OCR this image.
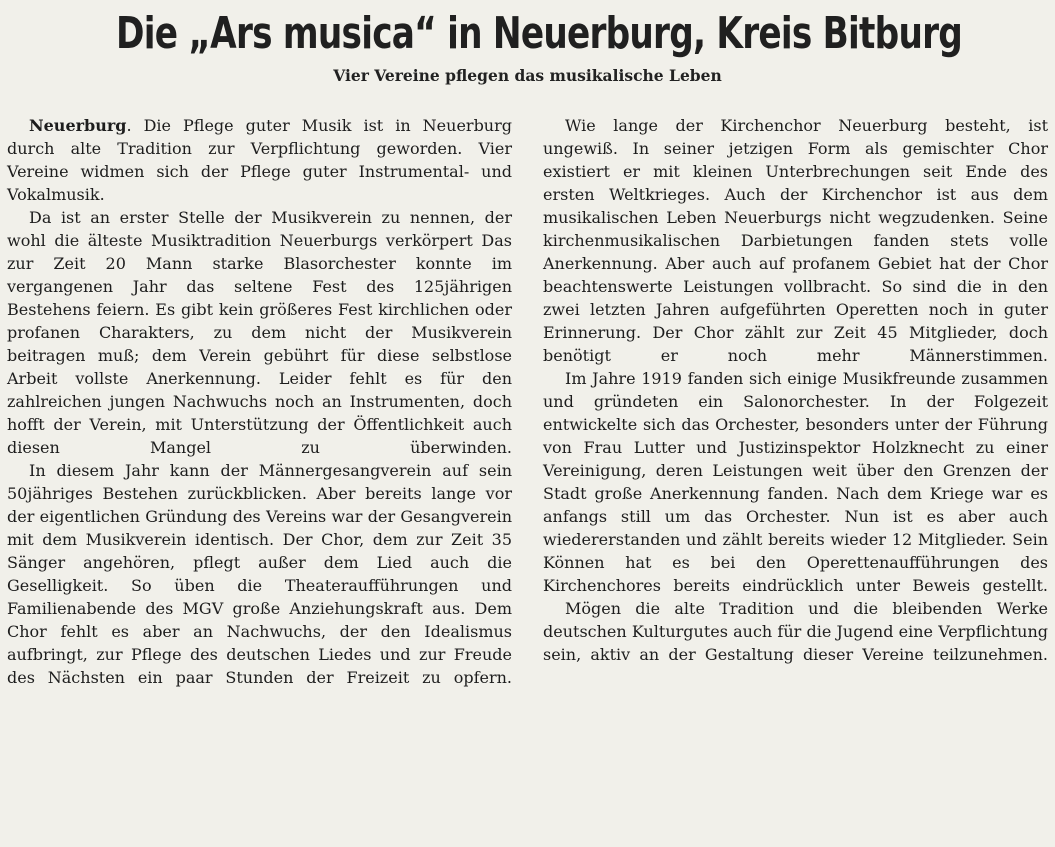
Die „Ars musica“ in Neuerburg, Kreis Bitburg
Vier Vereine pflegen das musikalische Leben

Neuerburg. Die Pflege guter Musik ist in Neuerburg durch alte Tradition zur Verpflichtung geworden. Vier Vereine widmen sich der Pflege guter Instrumental- und Vokalmusik.

Da ist an erster Stelle der Musikverein zu nennen, der wohl die älteste Musiktradition Neuerburgs verkörpert Das zur Zeit 20 Mann starke Blasorchester konnte im vergangenen Jahr das seltene Fest des 125jährigen Bestehens feiern. Es gibt kein größeres Fest kirchlichen oder profanen Charakters, zu dem nicht der Musikverein beitragen muß; dem Verein gebührt für diese selbstlose Arbeit vollste Anerkennung. Leider fehlt es für den zahlreichen jungen Nachwuchs noch an Instrumenten, doch hofft der Verein, mit Unterstützung der Öffentlichkeit auch diesen Mangel zu überwinden.

In diesem Jahr kann der Männergesangverein auf sein 50jähriges Bestehen zurückblicken. Aber bereits lange vor der eigentlichen Gründung des Vereins war der Gesangverein mit dem Musikverein identisch. Der Chor, dem zur Zeit 35 Sänger angehören, pflegt außer dem Lied auch die Geselligkeit. So üben die Theateraufführungen und Familienabende des MGV große Anziehungskraft aus. Dem Chor fehlt es aber an Nachwuchs, der den Idealismus aufbringt, zur Pflege des deutschen Liedes und zur Freude des Nächsten ein paar Stunden der Freizeit zu opfern.

Wie lange der Kirchenchor Neuerburg besteht, ist ungewiß. In seiner jetzigen Form als gemischter Chor existiert er mit kleinen Unterbrechungen seit Ende des ersten Weltkrieges. Auch der Kirchenchor ist aus dem musikalischen Leben Neuerburgs nicht wegzudenken. Seine kirchenmusikalischen Darbietungen fanden stets volle Anerkennung. Aber auch auf profanem Gebiet hat der Chor beachtenswerte Leistungen vollbracht. So sind die in den zwei letzten Jahren aufgeführten Operetten noch in guter Erinnerung. Der Chor zählt zur Zeit 45 Mitglieder, doch benötigt er noch mehr Männerstimmen.

Im Jahre 1919 fanden sich einige Musikfreunde zusammen und gründeten ein Salonorchester. In der Folgezeit entwickelte sich das Orchester, besonders unter der Führung von Frau Lutter und Justizinspektor Holzknecht zu einer Vereinigung, deren Leistungen weit über den Grenzen der Stadt große Anerkennung fanden. Nach dem Kriege war es anfangs still um das Orchester. Nun ist es aber auch wiedererstanden und zählt bereits wieder 12 Mitglieder. Sein Können hat es bei den Operettenaufführungen des Kirchenchores bereits eindrücklich unter Beweis gestellt.

Mögen die alte Tradition und die bleibenden Werke deutschen Kulturgutes auch für die Jugend eine Verpflichtung sein, aktiv an der Gestaltung dieser Vereine teilzunehmen.
